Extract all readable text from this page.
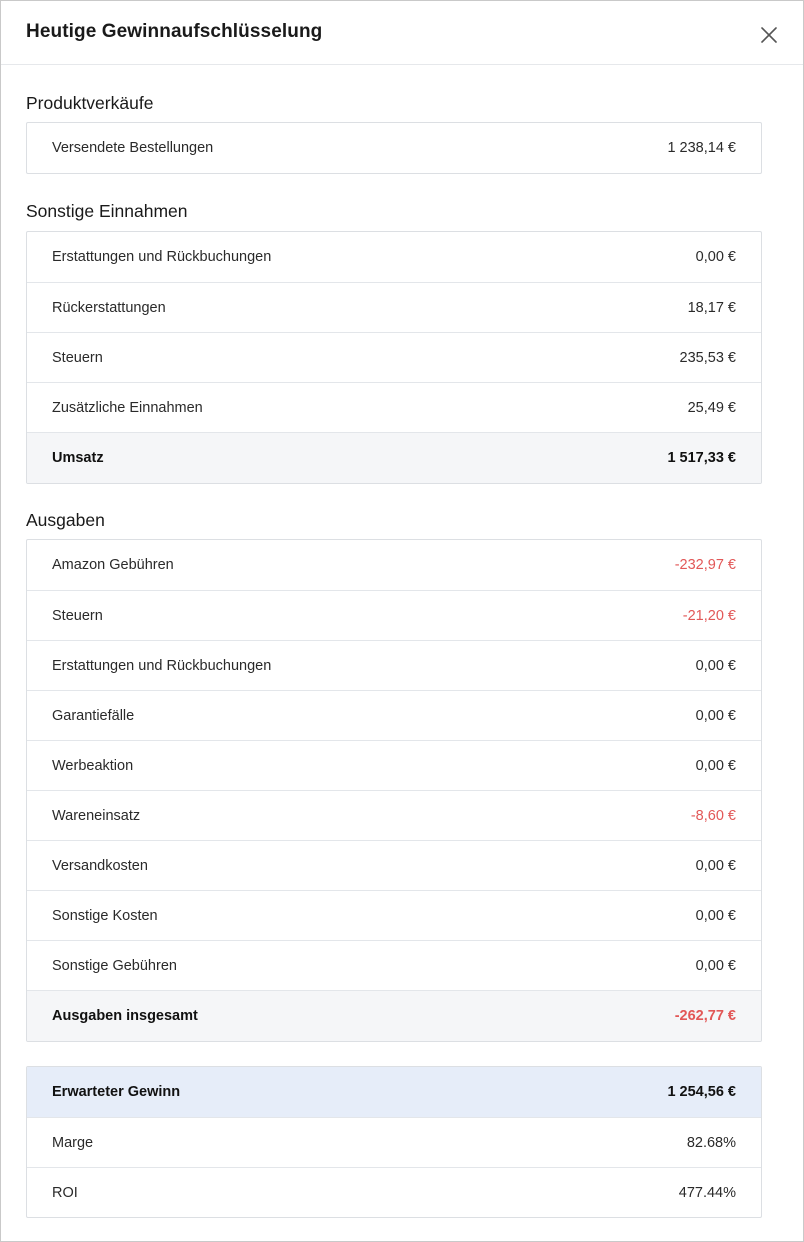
Heutige Gewinnaufschlüsselung
Produktverkäufe
Versendete Bestellungen	1 238,14 €
Sonstige Einnahmen
Erstattungen und Rückbuchungen	0,00 €
Rückerstattungen	18,17 €
Steuern	235,53 €
Zusätzliche Einnahmen	25,49 €
Umsatz	1 517,33 €
Ausgaben
Amazon Gebühren	-232,97 €
Steuern	-21,20 €
Erstattungen und Rückbuchungen	0,00 €
Garantiefälle	0,00 €
Werbeaktion	0,00 €
Wareneinsatz	-8,60 €
Versandkosten	0,00 €
Sonstige Kosten	0,00 €
Sonstige Gebühren	0,00 €
Ausgaben insgesamt	-262,77 €
Erwarteter Gewinn	1 254,56 €
Marge	82.68%
ROI	477.44%
